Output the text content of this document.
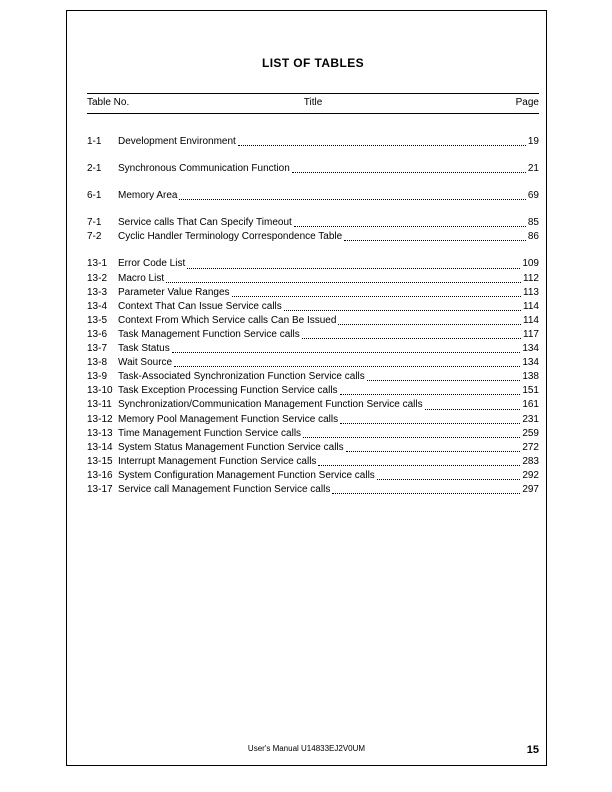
LIST OF TABLES
Table No.	Title	Page
1-1	Development Environment	19
2-1	Synchronous Communication Function	21
6-1	Memory Area	69
7-1	Service calls That Can Specify Timeout	85
7-2	Cyclic Handler Terminology Correspondence Table	86
13-1	Error Code List	109
13-2	Macro List	112
13-3	Parameter Value Ranges	113
13-4	Context That Can Issue Service calls	114
13-5	Context From Which Service calls Can Be Issued	114
13-6	Task Management Function Service calls	117
13-7	Task Status	134
13-8	Wait Source	134
13-9	Task-Associated Synchronization Function Service calls	138
13-10 Task Exception Processing Function Service calls	151
13-11 Synchronization/Communication Management Function Service calls	161
13-12 Memory Pool Management Function Service calls	231
13-13 Time Management Function Service calls	259
13-14 System Status Management Function Service calls	272
13-15 Interrupt Management Function Service calls	283
13-16 System Configuration Management Function Service calls	292
13-17 Service call Management Function Service calls	297
User's Manual U14833EJ2V0UM	15
